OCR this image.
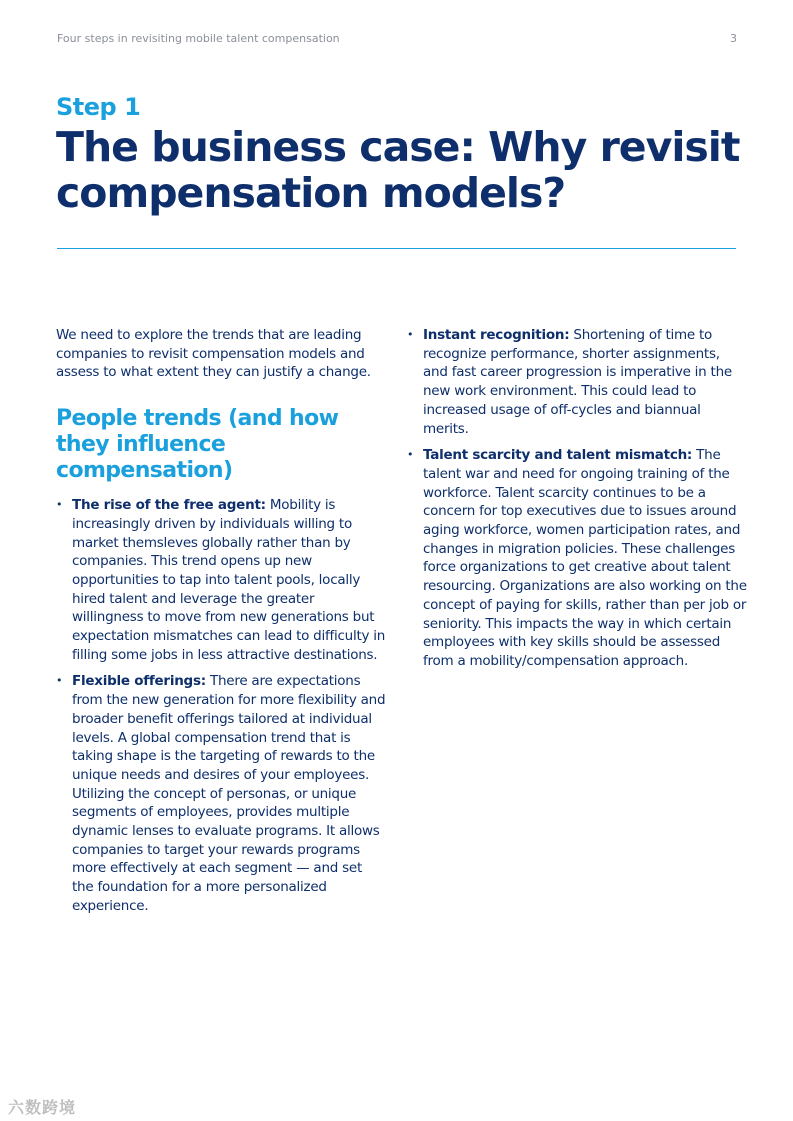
Four steps in revisiting mobile talent compensation	3
Step 1
The business case: Why revisit compensation models?

We need to explore the trends that are leading companies to revisit compensation models and assess to what extent they can justify a change.

People trends (and how they influence compensation)
• The rise of the free agent: Mobility is increasingly driven by individuals willing to market themsleves globally rather than by companies. This trend opens up new opportunities to tap into talent pools, locally hired talent and leverage the greater willingness to move from new generations but expectation mismatches can lead to difficulty in filling some jobs in less attractive destinations.
• Flexible offerings: There are expectations from the new generation for more flexibility and broader benefit offerings tailored at individual levels. A global compensation trend that is taking shape is the targeting of rewards to the unique needs and desires of your employees. Utilizing the concept of personas, or unique segments of employees, provides multiple dynamic lenses to evaluate programs. It allows companies to target your rewards programs more effectively at each segment — and set the foundation for a more personalized experience.
• Instant recognition: Shortening of time to recognize performance, shorter assignments, and fast career progression is imperative in the new work environment. This could lead to increased usage of off-cycles and biannual merits.
• Talent scarcity and talent mismatch: The talent war and need for ongoing training of the workforce. Talent scarcity continues to be a concern for top executives due to issues around aging workforce, women participation rates, and changes in migration policies. These challenges force organizations to get creative about talent resourcing. Organizations are also working on the concept of paying for skills, rather than per job or seniority. This impacts the way in which certain employees with key skills should be assessed from a mobility/compensation approach.
六数跨境
